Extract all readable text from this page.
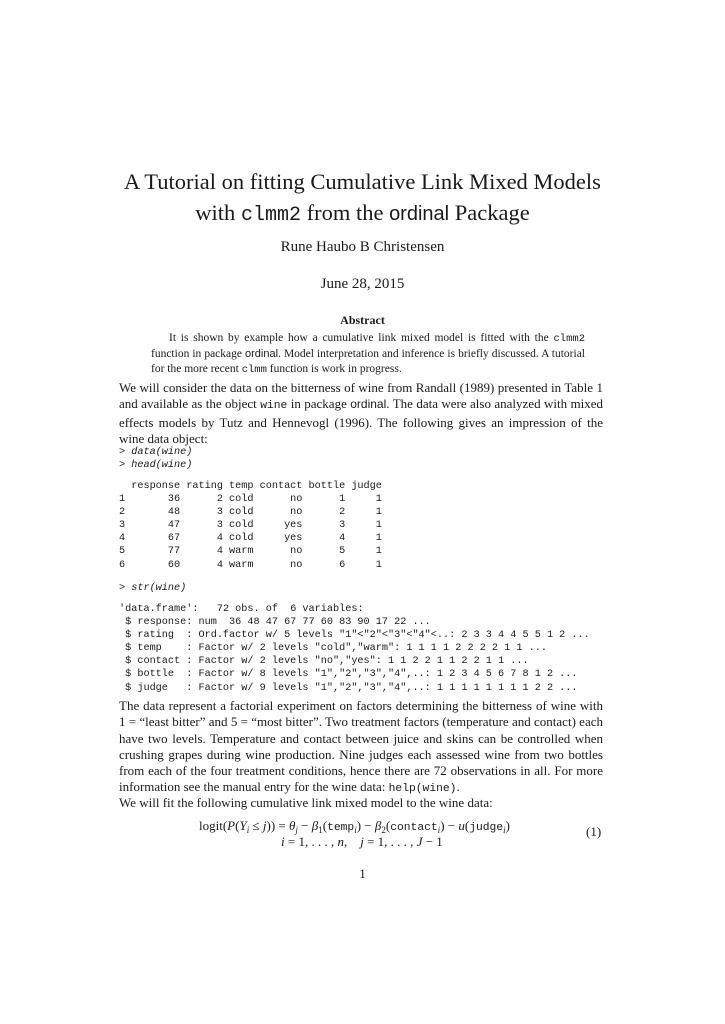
A Tutorial on fitting Cumulative Link Mixed Models
with clmm2 from the ordinal Package
Rune Haubo B Christensen
June 28, 2015
Abstract
It is shown by example how a cumulative link mixed model is fitted with the clmm2 function in package ordinal. Model interpretation and inference is briefly discussed. A tutorial for the more recent clmm function is work in progress.
We will consider the data on the bitterness of wine from Randall (1989) presented in Table 1 and available as the object wine in package ordinal. The data were also analyzed with mixed effects models by Tutz and Hennevogl (1996). The following gives an impression of the wine data object:
> data(wine)
> head(wine)
response rating temp contact bottle judge
1       36      2 cold      no      1     1
2       48      3 cold      no      2     1
3       47      3 cold     yes      3     1
4       67      4 cold     yes      4     1
5       77      4 warm      no      5     1
6       60      4 warm      no      6     1
> str(wine)
'data.frame':	72 obs. of  6 variables:
$ response: num  36 48 47 67 77 60 83 90 17 22 ...
$ rating  : Ord.factor w/ 5 levels "1"<"2"<"3"<"4"<..: 2 3 3 4 4 5 5 1 2 ...
$ temp    : Factor w/ 2 levels "cold","warm": 1 1 1 1 2 2 2 2 1 1 ...
$ contact : Factor w/ 2 levels "no","yes": 1 1 2 2 1 1 2 2 1 1 ...
$ bottle  : Factor w/ 8 levels "1","2","3","4",..: 1 2 3 4 5 6 7 8 1 2 ...
$ judge   : Factor w/ 9 levels "1","2","3","4",..: 1 1 1 1 1 1 1 1 2 2 ...
The data represent a factorial experiment on factors determining the bitterness of wine with 1 = “least bitter” and 5 = “most bitter”. Two treatment factors (temperature and contact) each have two levels. Temperature and contact between juice and skins can be controlled when crushing grapes during wine production. Nine judges each assessed wine from two bottles from each of the four treatment conditions, hence there are 72 observations in all. For more information see the manual entry for the wine data: help(wine).
We will fit the following cumulative link mixed model to the wine data:
$logit(P(Y_i \le j)) = \theta_j$ − $\beta_1(temp_i)$ − $\beta_2(contact_i)$ − u(judge$_i$)
i = 1, . . . , n,    j = 1, . . . , J − 1
(1)
1
